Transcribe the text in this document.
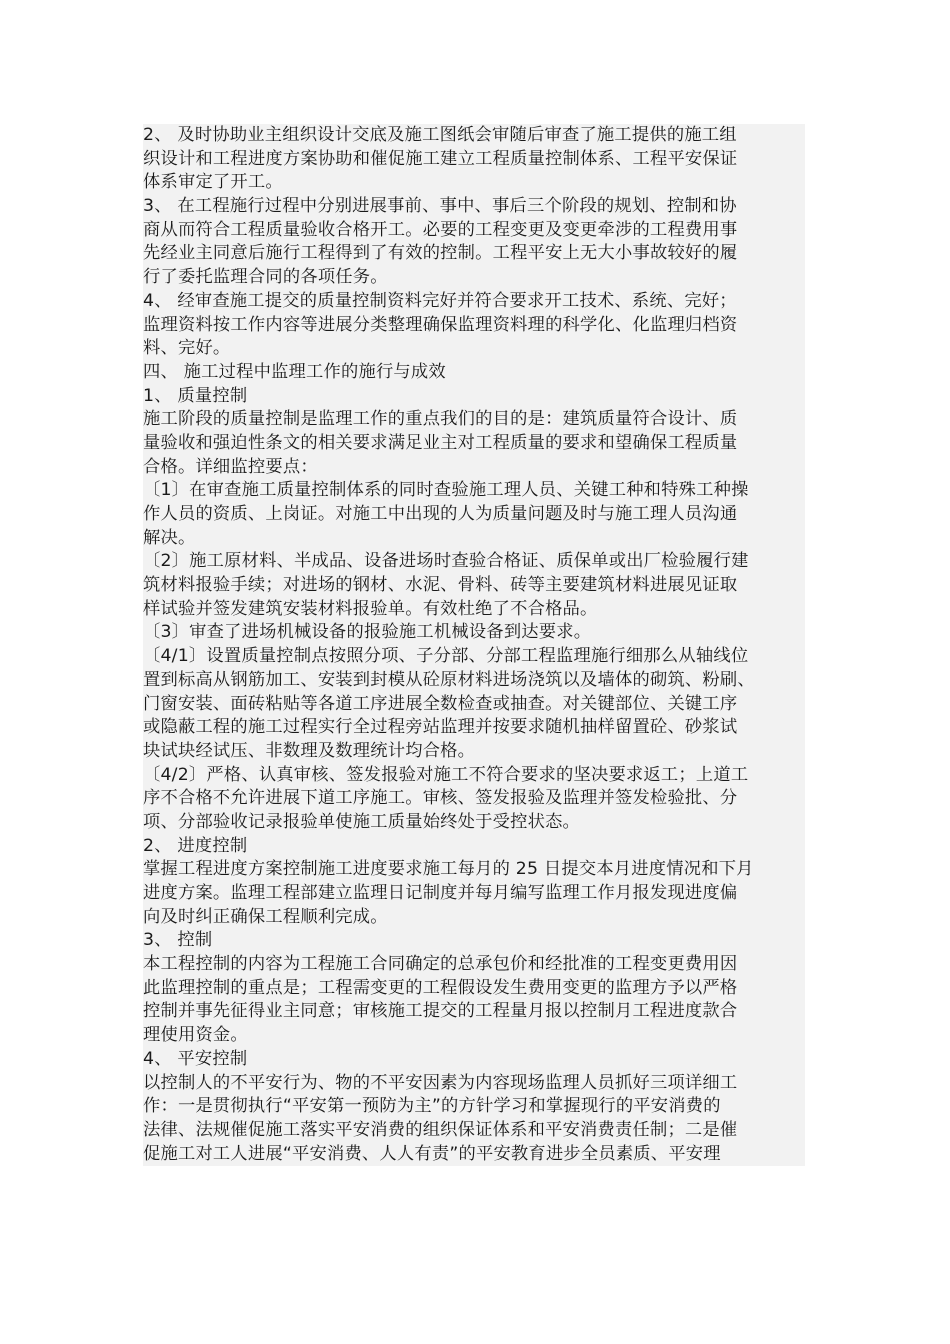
2、 及时协助业主组织设计交底及施工图纸会审随后审查了施工提供的施工组
织设计和工程进度方案协助和催促施工建立工程质量控制体系、工程平安保证
体系审定了开工。
3、 在工程施行过程中分别进展事前、事中、事后三个阶段的规划、控制和协
商从而符合工程质量验收合格开工。必要的工程变更及变更牵涉的工程费用事
先经业主同意后施行工程得到了有效的控制。工程平安上无大小事故较好的履
行了委托监理合同的各项任务。
4、 经审查施工提交的质量控制资料完好并符合要求开工技术、系统、完好；
监理资料按工作内容等进展分类整理确保监理资料理的科学化、化监理归档资
料、完好。
四、 施工过程中监理工作的施行与成效
1、 质量控制
施工阶段的质量控制是监理工作的重点我们的目的是：建筑质量符合设计、质
量验收和强迫性条文的相关要求满足业主对工程质量的要求和望确保工程质量
合格。详细监控要点：
〔1〕在审查施工质量控制体系的同时查验施工理人员、关键工种和特殊工种操
作人员的资质、上岗证。对施工中出现的人为质量问题及时与施工理人员沟通
解决。
〔2〕施工原材料、半成品、设备进场时查验合格证、质保单或出厂检验履行建
筑材料报验手续；对进场的钢材、水泥、骨料、砖等主要建筑材料进展见证取
样试验并签发建筑安装材料报验单。有效杜绝了不合格品。
〔3〕审查了进场机械设备的报验施工机械设备到达要求。
〔4/1〕设置质量控制点按照分项、子分部、分部工程监理施行细那么从轴线位
置到标高从钢筋加工、安装到封模从砼原材料进场浇筑以及墙体的砌筑、粉刷、
门窗安装、面砖粘贴等各道工序进展全数检查或抽查。对关键部位、关键工序
或隐蔽工程的施工过程实行全过程旁站监理并按要求随机抽样留置砼、砂浆试
块试块经试压、非数理及数理统计均合格。
〔4/2〕严格、认真审核、签发报验对施工不符合要求的坚决要求返工；上道工
序不合格不允许进展下道工序施工。审核、签发报验及监理并签发检验批、分
项、分部验收记录报验单使施工质量始终处于受控状态。
2、 进度控制
掌握工程进度方案控制施工进度要求施工每月的 25 日提交本月进度情况和下月
进度方案。监理工程部建立监理日记制度并每月编写监理工作月报发现进度偏
向及时纠正确保工程顺利完成。
3、 控制
本工程控制的内容为工程施工合同确定的总承包价和经批准的工程变更费用因
此监理控制的重点是；工程需变更的工程假设发生费用变更的监理方予以严格
控制并事先征得业主同意；审核施工提交的工程量月报以控制月工程进度款合
理使用资金。
4、 平安控制
以控制人的不平安行为、物的不平安因素为内容现场监理人员抓好三项详细工
作：一是贯彻执行“平安第一预防为主”的方针学习和掌握现行的平安消费的
法律、法规催促施工落实平安消费的组织保证体系和平安消费责任制；二是催
促施工对工人进展“平安消费、人人有责”的平安教育进步全员素质、平安理
